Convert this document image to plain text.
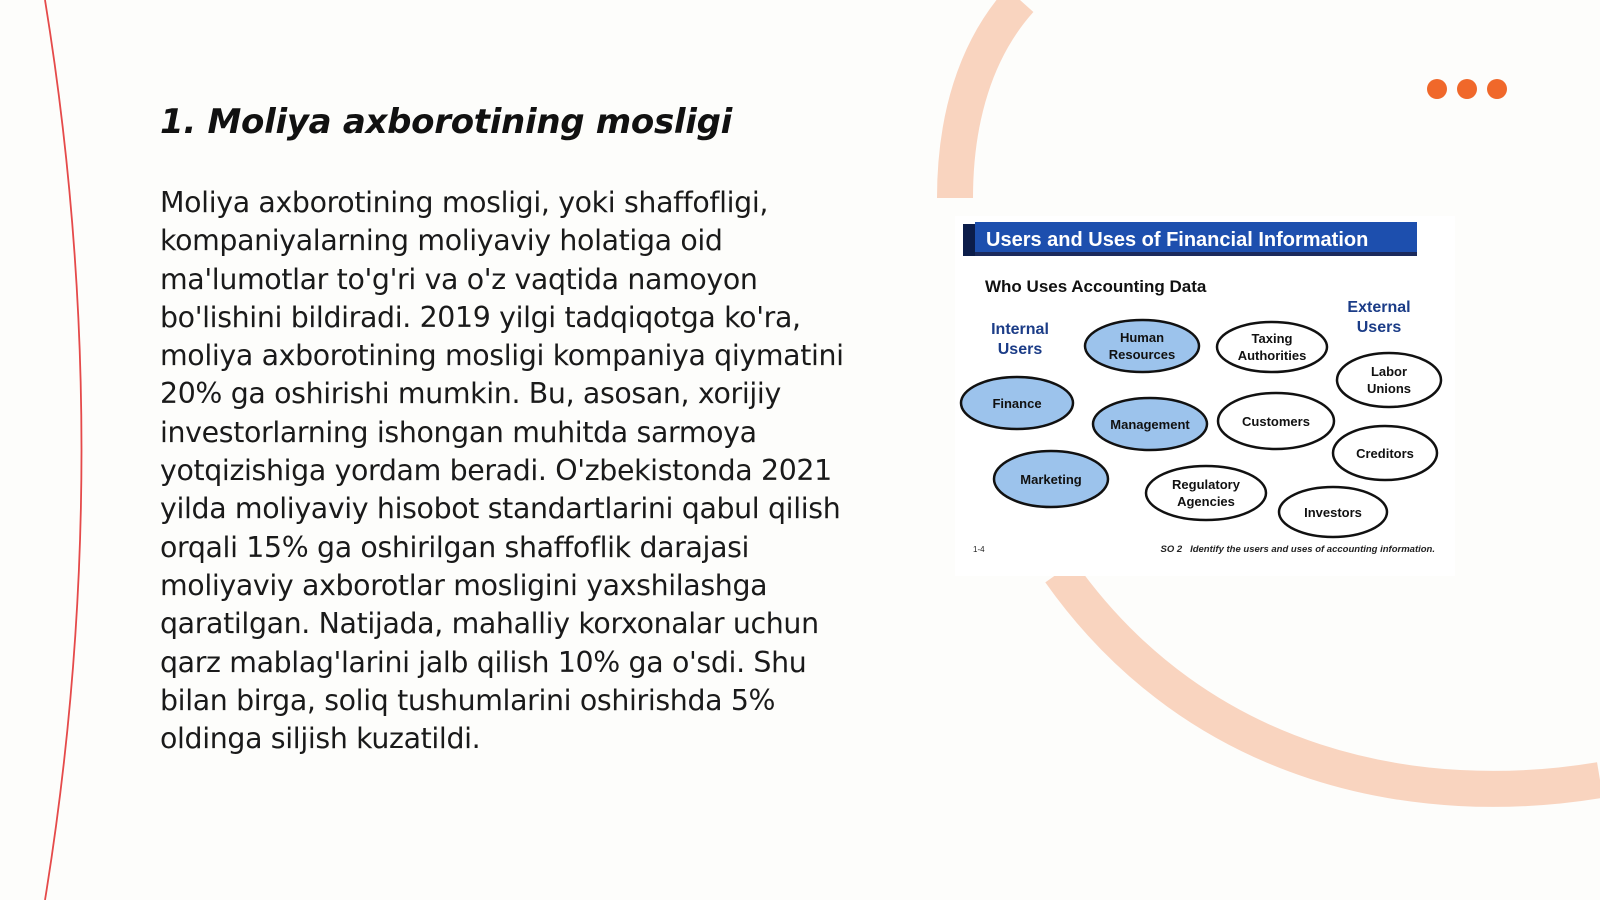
1. Moliya axborotining mosligi

Moliya axborotining mosligi, yoki shaffofligi, kompaniyalarning moliyaviy holatiga oid ma'lumotlar to'g'ri va o'z vaqtida namoyon bo'lishini bildiradi. 2019 yilgi tadqiqotga ko'ra, moliya axborotining mosligi kompaniya qiymatini 20% ga oshirishi mumkin. Bu, asosan, xorijiy investorlarning ishongan muhitda sarmoya yotqizishiga yordam beradi. O'zbekistonda 2021 yilda moliyaviy hisobot standartlarini qabul qilish orqali 15% ga oshirilgan shaffoflik darajasi moliyaviy axborotlar mosligini yaxshilashga qaratilgan. Natijada, mahalliy korxonalar uchun qarz mablag'larini jalb qilish 10% ga o'sdi. Shu bilan birga, soliq tushumlarini oshirishda 5% oldinga siljish kuzatildi.

Users and Uses of Financial Information
Who Uses Accounting Data
Internal
Users
External
Users
Human
Resources
Finance
Management
Marketing
Taxing
Authorities
Labor
Unions
Customers
Creditors
Regulatory
Agencies
Investors
1-4	SO 2   Identify the users and uses of accounting information.
